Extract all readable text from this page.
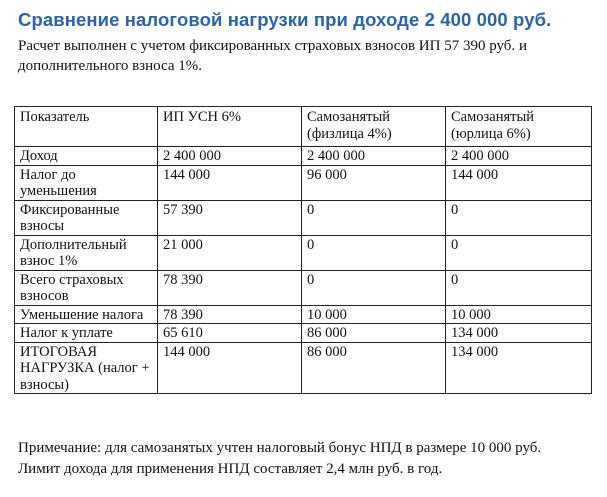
Сравнение налоговой нагрузки при доходе 2 400 000 руб.

Расчет выполнен с учетом фиксированных страховых взносов ИП 57 390 руб. и дополнительного взноса 1%.

Показатель	ИП УСН 6%	Самозанятый (физлица 4%)	Самозанятый (юрлица 6%)
Доход	2 400 000	2 400 000	2 400 000
Налог до уменьшения	144 000	96 000	144 000
Фиксированные взносы	57 390	0	0
Дополнительный взнос 1%	21 000	0	0
Всего страховых взносов	78 390	0	0
Уменьшение налога	78 390	10 000	10 000
Налог к уплате	65 610	86 000	134 000
ИТОГОВАЯ НАГРУЗКА (налог + взносы)	144 000	86 000	134 000
Примечание: для самозанятых учтен налоговый бонус НПД в размере 10 000 руб.
Лимит дохода для применения НПД составляет 2,4 млн руб. в год.
